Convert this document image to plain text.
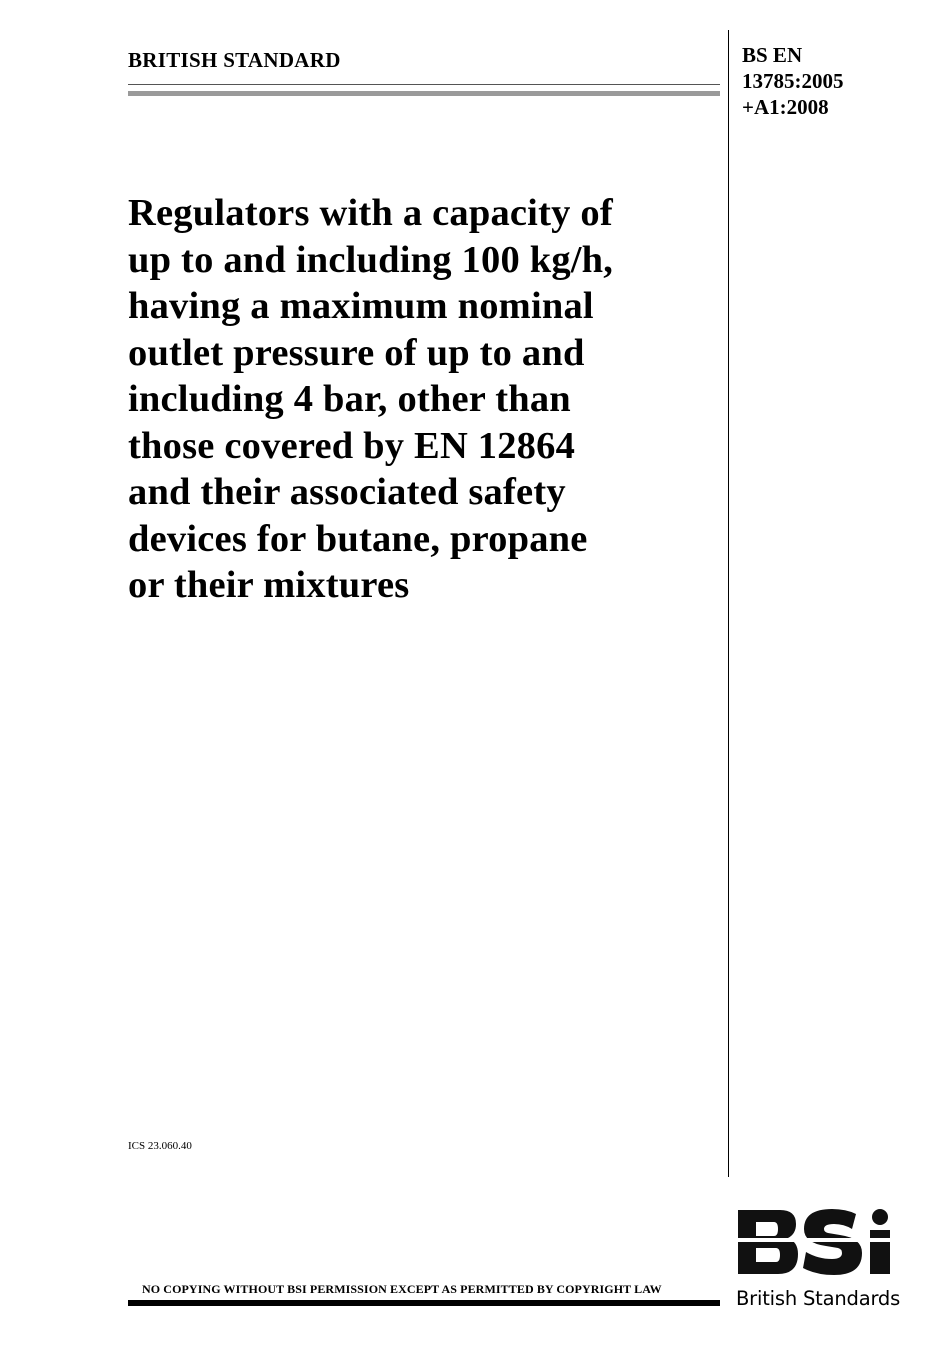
BRITISH STANDARD	BS EN
13785:2005
+A1:2008
Regulators with a capacity of
up to and including 100 kg/h,
having a maximum nominal
outlet pressure of up to and
including 4 bar, other than
those covered by EN 12864
and their associated safety
devices for butane, propane
or their mixtures
ICS 23.060.40
NO COPYING WITHOUT BSI PERMISSION EXCEPT AS PERMITTED BY COPYRIGHT LAW	British Standards
